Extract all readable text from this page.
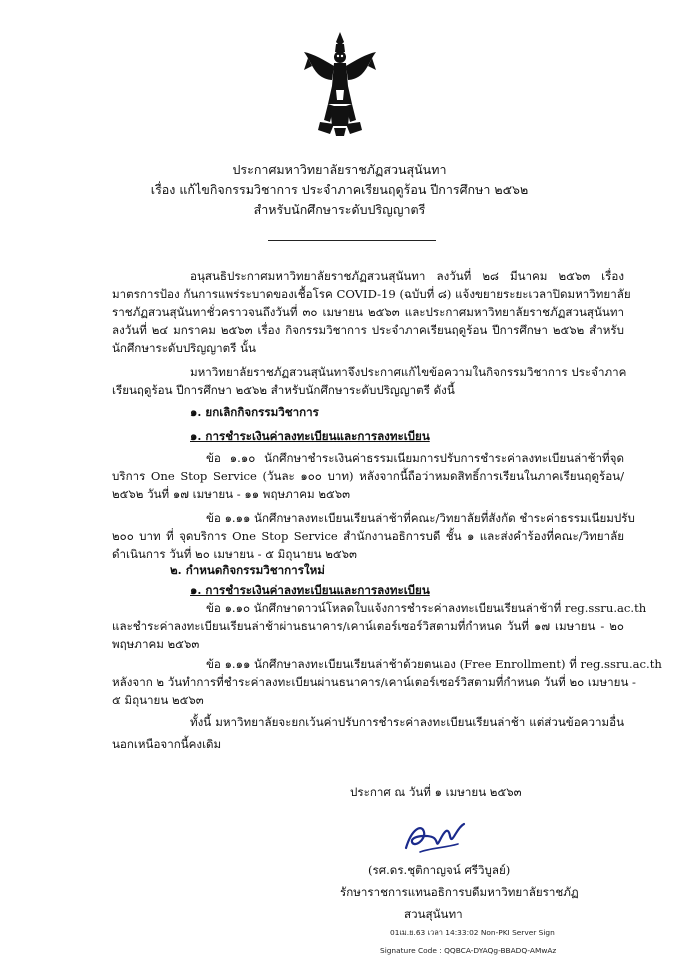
ประกาศมหาวิทยาลัยราชภัฏสวนสุนันทา
เรื่อง แก้ไขกิจกรรมวิชาการ ประจำภาคเรียนฤดูร้อน ปีการศึกษา ๒๕๖๒
สำหรับนักศึกษาระดับปริญญาตรี
อนุสนธิประกาศมหาวิทยาลัยราชภัฏสวนสุนันทา ลงวันที่ ๒๘ มีนาคม ๒๕๖๓ เรื่อง
มาตรการป้อง กันการแพร่ระบาดของเชื้อโรค COVID-19 (ฉบับที่ ๘) แจ้งขยายระยะเวลาปิดมหาวิทยาลัย
ราชภัฏสวนสุนันทาชั่วคราวจนถึงวันที่ ๓๐ เมษายน ๒๕๖๓ และประกาศมหาวิทยาลัยราชภัฏสวนสุนันทา
ลงวันที่ ๒๔ มกราคม ๒๕๖๓ เรื่อง กิจกรรมวิชาการ ประจำภาคเรียนฤดูร้อน ปีการศึกษา ๒๕๖๒ สำหรับ
นักศึกษาระดับปริญญาตรี นั้น
มหาวิทยาลัยราชภัฏสวนสุนันทาจึงประกาศแก้ไขข้อความในกิจกรรมวิชาการ ประจำภาค
เรียนฤดูร้อน ปีการศึกษา ๒๕๖๒ สำหรับนักศึกษาระดับปริญญาตรี ดังนี้
๑. ยกเลิกกิจกรรมวิชาการ
๑. การชำระเงินค่าลงทะเบียนและการลงทะเบียน
ข้อ ๑.๑๐ นักศึกษาชำระเงินค่าธรรมเนียมการปรับการชำระค่าลงทะเบียนล่าช้าที่จุด
บริการ One Stop Service (วันละ ๑๐๐ บาท) หลังจากนี้ถือว่าหมดสิทธิ์การเรียนในภาคเรียนฤดูร้อน/
๒๕๖๒ วันที่ ๑๗ เมษายน - ๑๑ พฤษภาคม ๒๕๖๓
ข้อ ๑.๑๑ นักศึกษาลงทะเบียนเรียนล่าช้าที่คณะ/วิทยาลัยที่สังกัด ชำระค่าธรรมเนียมปรับ
๒๐๐ บาท ที่ จุดบริการ One Stop Service สำนักงานอธิการบดี ชั้น ๑ และส่งคำร้องที่คณะ/วิทยาลัย
ดำเนินการ วันที่ ๒๐ เมษายน - ๕ มิถุนายน ๒๕๖๓
๒. กำหนดกิจกรรมวิชาการใหม่
๑. การชำระเงินค่าลงทะเบียนและการลงทะเบียน
ข้อ ๑.๑๐ นักศึกษาดาวน์โหลดใบแจ้งการชำระค่าลงทะเบียนเรียนล่าช้าที่ reg.ssru.ac.th
และชำระค่าลงทะเบียนเรียนล่าช้าผ่านธนาคาร/เคาน์เตอร์เซอร์วิสตามที่กำหนด วันที่ ๑๗ เมษายน - ๒๐
พฤษภาคม ๒๕๖๓
ข้อ ๑.๑๑ นักศึกษาลงทะเบียนเรียนล่าช้าด้วยตนเอง (Free Enrollment) ที่ reg.ssru.ac.th
หลังจาก ๒ วันทำการที่ชำระค่าลงทะเบียนผ่านธนาคาร/เคาน์เตอร์เซอร์วิสตามที่กำหนด วันที่ ๒๐ เมษายน -
๕ มิถุนายน ๒๕๖๓
ทั้งนี้ มหาวิทยาลัยจะยกเว้นค่าปรับการชำระค่าลงทะเบียนเรียนล่าช้า แต่ส่วนข้อความอื่น
นอกเหนือจากนี้คงเดิม
ประกาศ ณ วันที่ ๑ เมษายน ๒๕๖๓
(รศ.ดร.ชุติกาญจน์ ศรีวิบูลย์)
รักษาราชการแทนอธิการบดีมหาวิทยาลัยราชภัฏ
สวนสุนันทา
01เม.ย.63 เวลา 14:33:02 Non-PKI Server Sign
Signature Code : QQBCA-DYAQg-BBADQ-AMwAz
